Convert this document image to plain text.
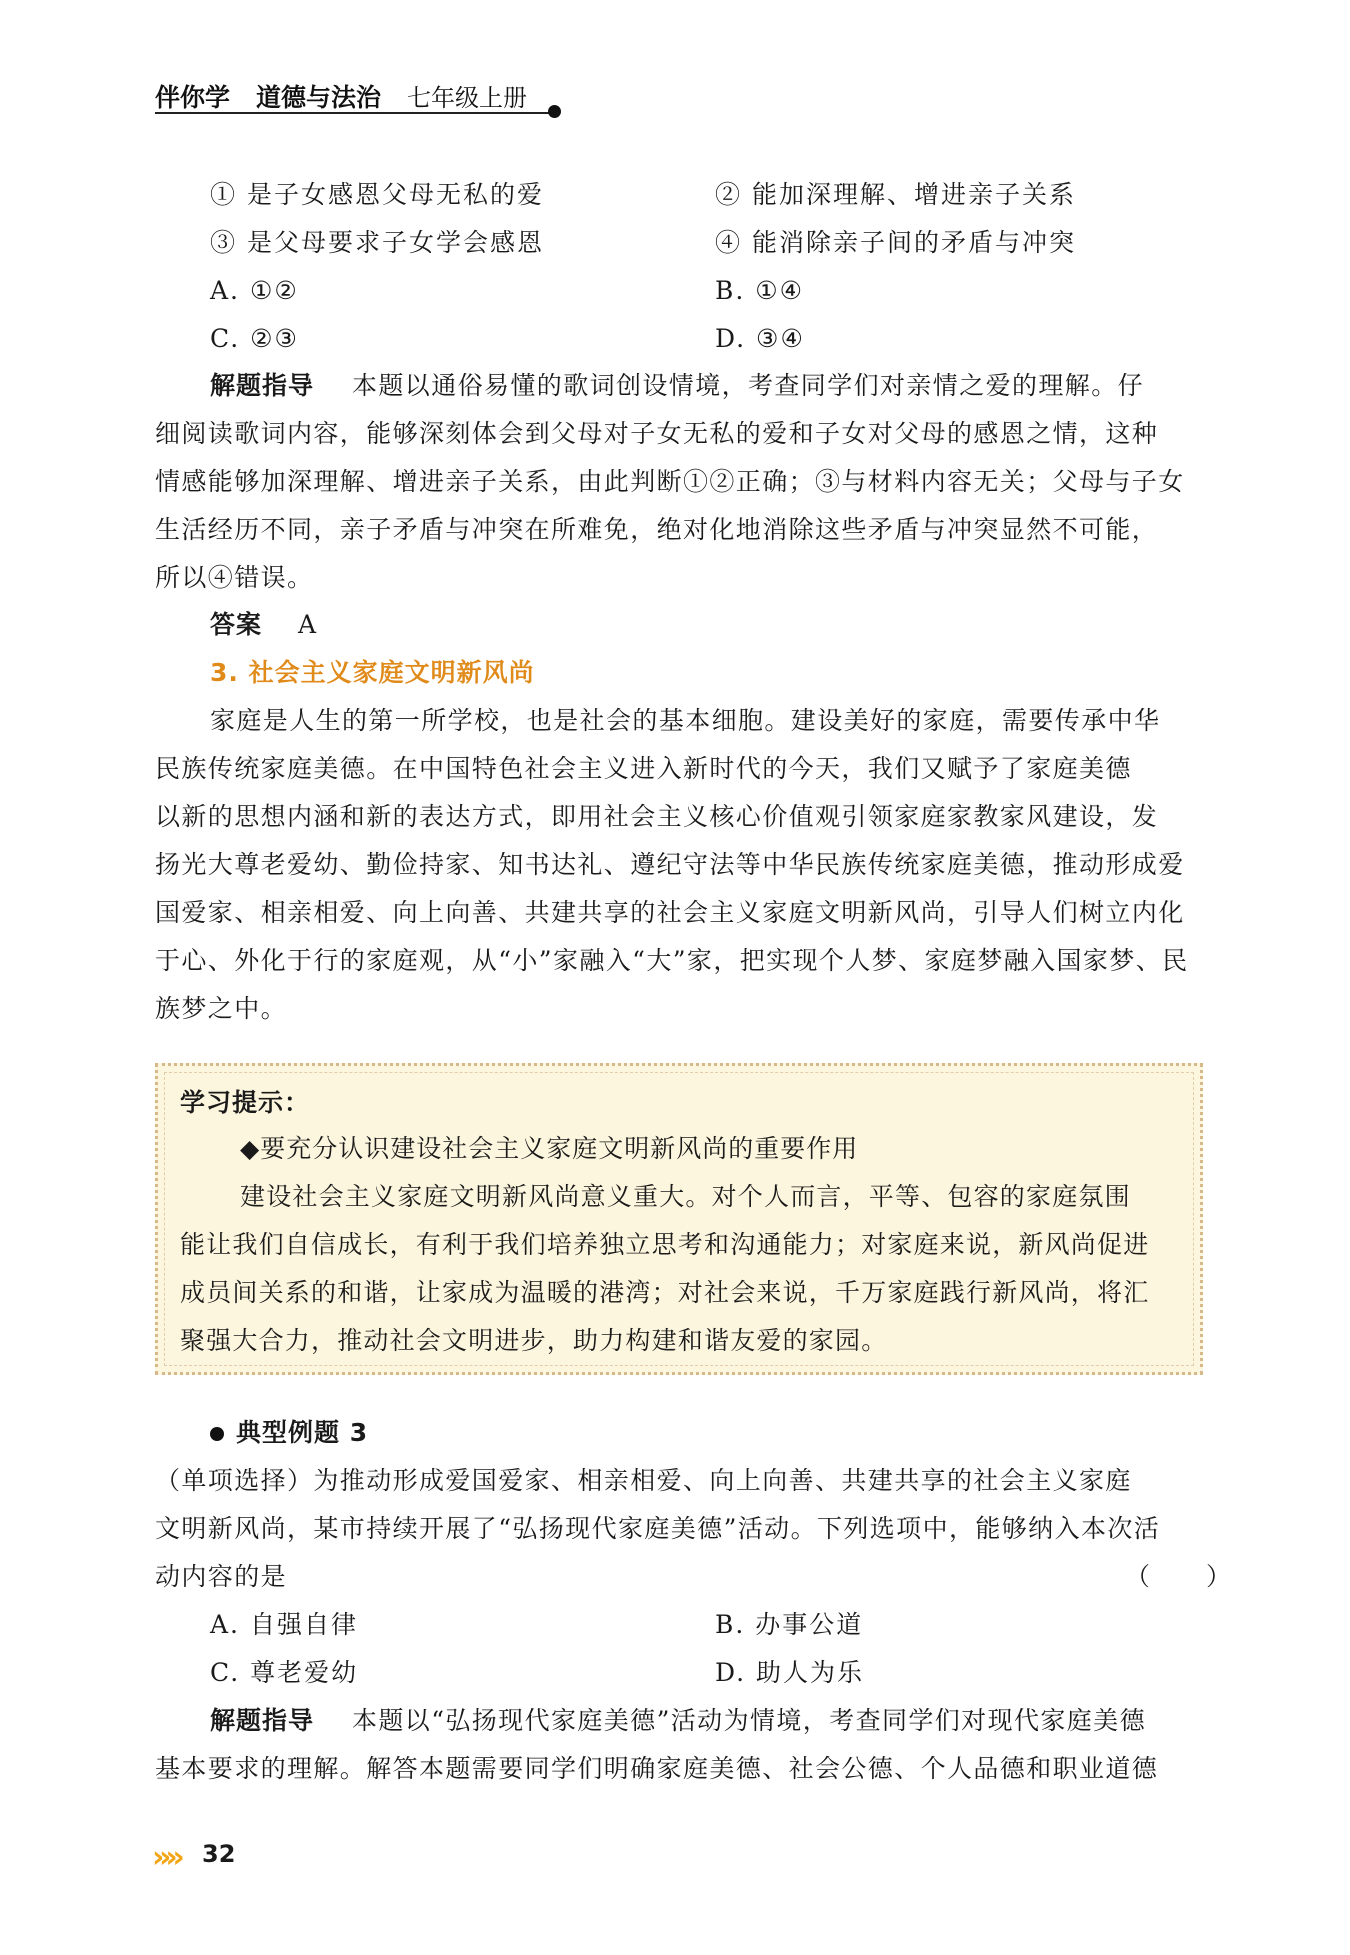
伴你学 道德与法治 七年级上册
① 是子女感恩父母无私的爱	② 能加深理解、增进亲子关系
③ 是父母要求子女学会感恩	④ 能消除亲子间的矛盾与冲突
A. ①②	B. ①④
C. ②③	D. ③④
解题指导 本题以通俗易懂的歌词创设情境，考查同学们对亲情之爱的理解。仔
细阅读歌词内容，能够深刻体会到父母对子女无私的爱和子女对父母的感恩之情，这种
情感能够加深理解、增进亲子关系，由此判断①②正确；③与材料内容无关；父母与子女
生活经历不同，亲子矛盾与冲突在所难免，绝对化地消除这些矛盾与冲突显然不可能，
所以④错误。
答案 A
3. 社会主义家庭文明新风尚
家庭是人生的第一所学校，也是社会的基本细胞。建设美好的家庭，需要传承中华
民族传统家庭美德。在中国特色社会主义进入新时代的今天，我们又赋予了家庭美德
以新的思想内涵和新的表达方式，即用社会主义核心价值观引领家庭家教家风建设，发
扬光大尊老爱幼、勤俭持家、知书达礼、遵纪守法等中华民族传统家庭美德，推动形成爱
国爱家、相亲相爱、向上向善、共建共享的社会主义家庭文明新风尚，引导人们树立内化
于心、外化于行的家庭观，从“小”家融入“大”家，把实现个人梦、家庭梦融入国家梦、民
族梦之中。
学习提示：
◆要充分认识建设社会主义家庭文明新风尚的重要作用
建设社会主义家庭文明新风尚意义重大。对个人而言，平等、包容的家庭氛围
能让我们自信成长，有利于我们培养独立思考和沟通能力；对家庭来说，新风尚促进
成员间关系的和谐，让家成为温暖的港湾；对社会来说，千万家庭践行新风尚，将汇
聚强大合力，推动社会文明进步，助力构建和谐友爱的家园。
典型例题 3
（单项选择）为推动形成爱国爱家、相亲相爱、向上向善、共建共享的社会主义家庭
文明新风尚，某市持续开展了“弘扬现代家庭美德”活动。下列选项中，能够纳入本次活
动内容的是	（　　）
A. 自强自律	B. 办事公道
C. 尊老爱幼	D. 助人为乐
解题指导 本题以“弘扬现代家庭美德”活动为情境，考查同学们对现代家庭美德
基本要求的理解。解答本题需要同学们明确家庭美德、社会公德、个人品德和职业道德
»» 32
